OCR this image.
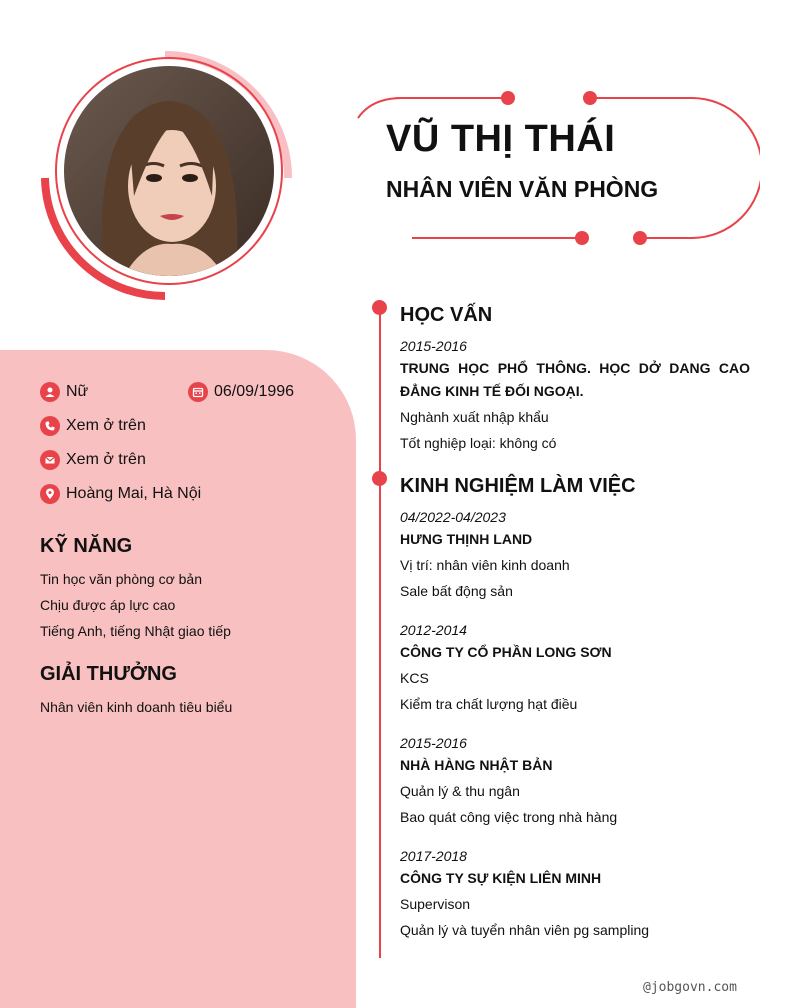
VŨ THỊ THÁI
NHÂN VIÊN VĂN PHÒNG
Nữ	06/09/1996
Xem ở trên
Xem ở trên
Hoàng Mai, Hà Nội
KỸ NĂNG
Tin học văn phòng cơ bản
Chịu được áp lực cao
Tiếng Anh, tiếng Nhật giao tiếp
GIẢI THƯỞNG
Nhân viên kinh doanh tiêu biểu
HỌC VẤN
2015-2016
TRUNG HỌC PHỔ THÔNG. HỌC DỞ DANG CAO ĐẲNG KINH TẾ ĐỐI NGOẠI.
Nghành xuất nhập khẩu
Tốt nghiệp loại: không có
KINH NGHIỆM LÀM VIỆC
04/2022-04/2023
HƯNG THỊNH LAND
Vị trí: nhân viên kinh doanh
Sale bất động sản
2012-2014
CÔNG TY CỔ PHẦN LONG SƠN
KCS
Kiểm tra chất lượng hạt điều
2015-2016
NHÀ HÀNG NHẬT BẢN
Quản lý & thu ngân
Bao quát công việc trong nhà hàng
2017-2018
CÔNG TY SỰ KIỆN LIÊN MINH
Supervison
Quản lý và tuyển nhân viên pg sampling
@jobgovn.com
